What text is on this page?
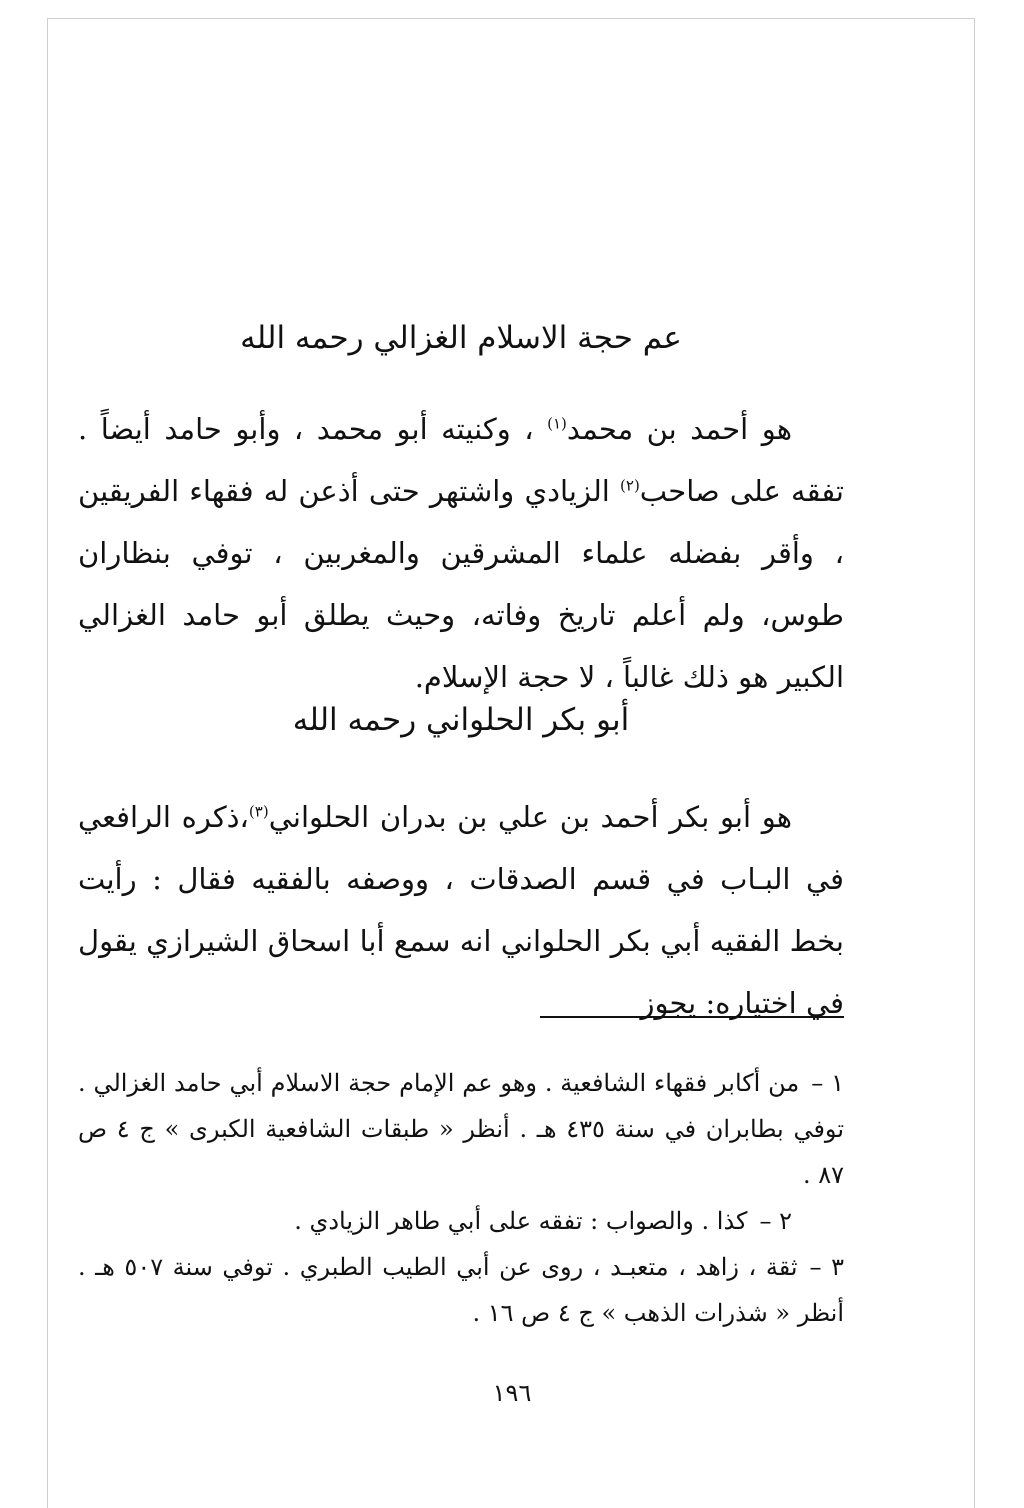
عم حجة الاسلام الغزالي رحمه الله

هو أحمد بن محمد$^{(١)}$ ، وكنيته أبو محمد ، وأبو حامد أيضاً . تفقه على صاحب$^{(٢)}$ الزيادي واشتهر حتى أذعن له فقهاء الفريقين ، وأقر بفضله علماء المشرقين والمغربين ، توفي بنظاران طوس، ولم أعلم تاريخ وفاته، وحيث يطلق أبو حامد الغزالي الكبير هو ذلك غالباً ، لا حجة الإسلام.

أبو بكر الحلواني رحمه الله

هو أبو بكر أحمد بن علي بن بدران الحلواني$^{(٣)}$،ذكره الرافعي في البـاب في قسم الصدقات ، ووصفه بالفقيه فقال : رأيت بخط الفقيه أبي بكر الحلواني انه سمع أبا اسحاق الشيرازي يقول في اختياره: يجوز

١ –من أكابر فقهاء الشافعية . وهو عم الإمام حجة الاسلام أبي حامد الغزالي . توفي بطابران في سنة ٤٣٥ هـ . أنظر « طبقات الشافعية الكبرى » ج ٤ ص ٨٧ .

٢ –كذا . والصواب : تفقه على أبي طاهر الزيادي .

٣ –ثقة ، زاهد ، متعبـد ، روى عن أبي الطيب الطبري . توفي سنة ٥٠٧ هـ . أنظر « شذرات الذهب » ج ٤ ص ١٦ .

١٩٦
